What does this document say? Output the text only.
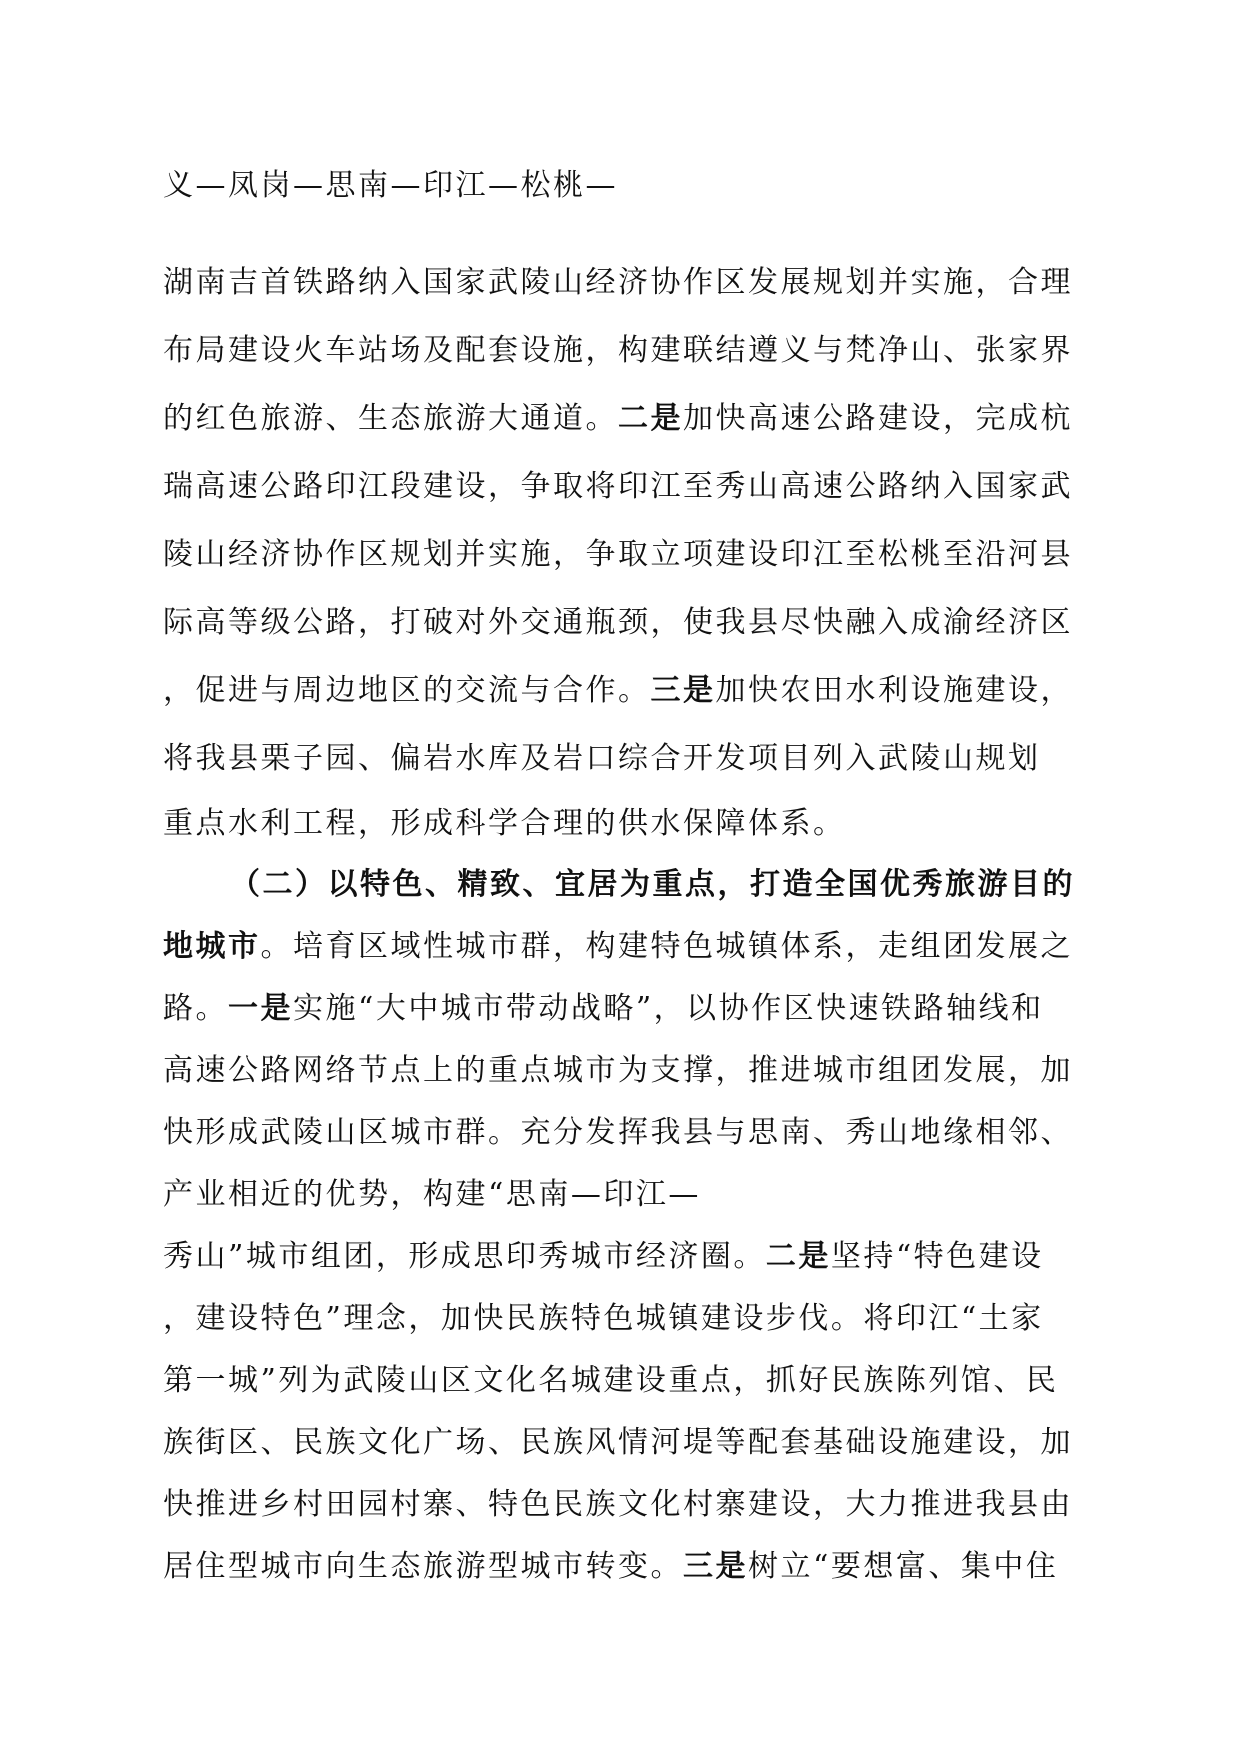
义—凤岗—思南—印江—松桃—
湖南吉首铁路纳入国家武陵山经济协作区发展规划并实施，合理
布局建设火车站场及配套设施，构建联结遵义与梵净山、张家界
的红色旅游、生态旅游大通道。二是加快高速公路建设，完成杭
瑞高速公路印江段建设，争取将印江至秀山高速公路纳入国家武
陵山经济协作区规划并实施，争取立项建设印江至松桃至沿河县
际高等级公路，打破对外交通瓶颈，使我县尽快融入成渝经济区
，促进与周边地区的交流与合作。三是加快农田水利设施建设，
将我县栗子园、偏岩水库及岩口综合开发项目列入武陵山规划
重点水利工程，形成科学合理的供水保障体系。
（二）以特色、精致、宜居为重点，打造全国优秀旅游目的
地城市。培育区域性城市群，构建特色城镇体系，走组团发展之
路。一是实施“大中城市带动战略”，以协作区快速铁路轴线和
高速公路网络节点上的重点城市为支撑，推进城市组团发展，加
快形成武陵山区城市群。充分发挥我县与思南、秀山地缘相邻、
产业相近的优势，构建“思南—印江—
秀山”城市组团，形成思印秀城市经济圈。二是坚持“特色建设
，建设特色”理念，加快民族特色城镇建设步伐。将印江“土家
第一城”列为武陵山区文化名城建设重点，抓好民族陈列馆、民
族街区、民族文化广场、民族风情河堤等配套基础设施建设，加
快推进乡村田园村寨、特色民族文化村寨建设，大力推进我县由
居住型城市向生态旅游型城市转变。三是树立“要想富、集中住
